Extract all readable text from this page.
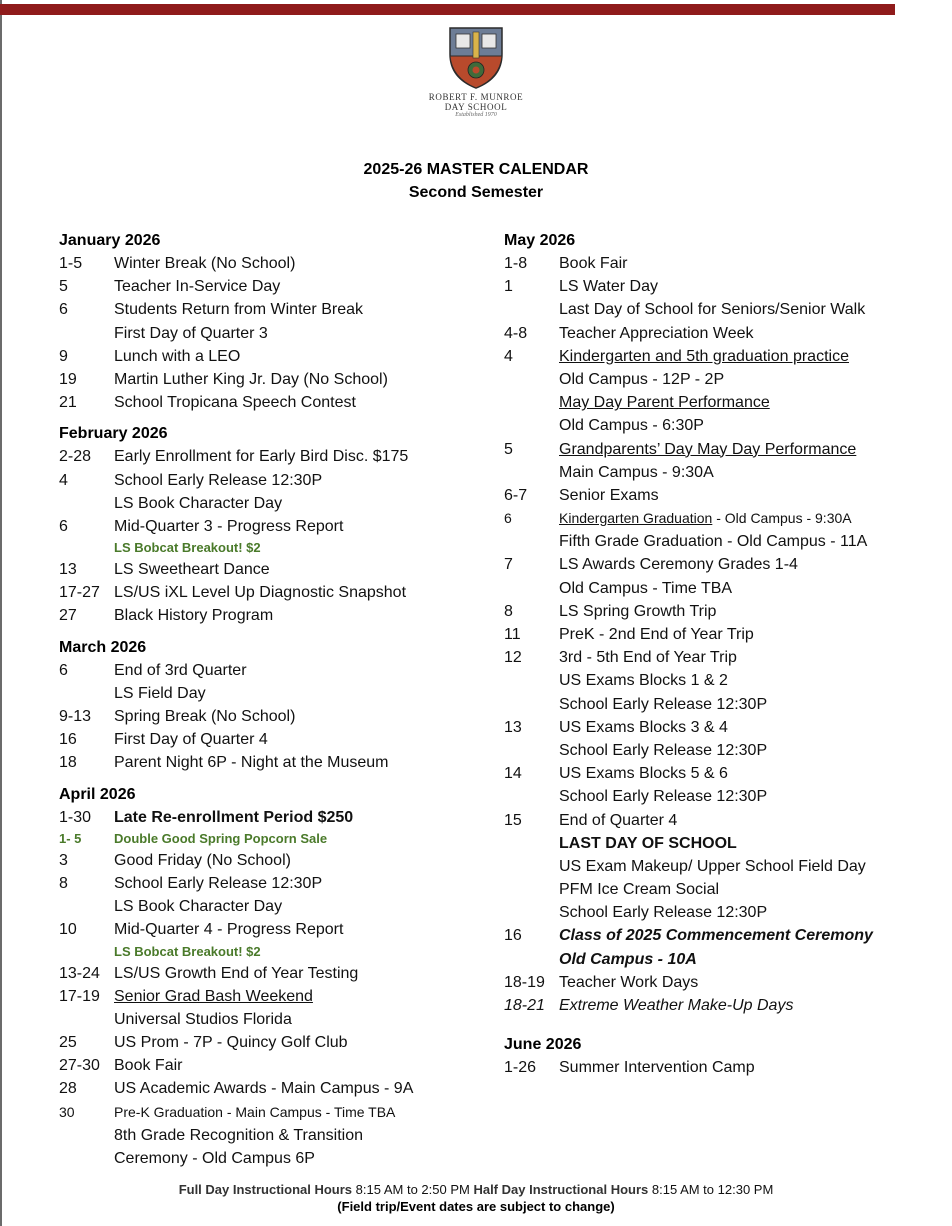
ROBERT F. MUNROE
DAY SCHOOL
Established 1970
2025-26 MASTER CALENDAR
Second Semester
January 2026
1-5	Winter Break (No School)
5	Teacher In-Service Day
6	Students Return from Winter Break
First Day of Quarter 3
9	Lunch with a LEO
19	Martin Luther King Jr. Day (No School)
21	School Tropicana Speech Contest
February 2026
2-28	Early Enrollment for Early Bird Disc. $175
4	School Early Release 12:30P
LS Book Character Day
6	Mid-Quarter 3 - Progress Report
LS Bobcat Breakout! $2
13	LS Sweetheart Dance
17-27 LS/US iXL Level Up Diagnostic Snapshot
27	Black History Program
March 2026
6	End of 3rd Quarter
LS Field Day
9-13	Spring Break (No School)
16	First Day of Quarter 4
18	Parent Night 6P - Night at the Museum
April 2026
1-30	Late Re-enrollment Period $250
1- 5	Double Good Spring Popcorn Sale
3	Good Friday (No School)
8	School Early Release 12:30P
LS Book Character Day
10	Mid-Quarter 4 - Progress Report
LS Bobcat Breakout! $2
13-24 LS/US Growth End of Year Testing
17-19 Senior Grad Bash Weekend
Universal Studios Florida
25	US Prom - 7P - Quincy Golf Club
27-30 Book Fair
28	US Academic Awards - Main Campus - 9A
30	Pre-K Graduation - Main Campus - Time TBA
8th Grade Recognition & Transition
Ceremony - Old Campus 6P
May 2026
1-8	Book Fair
1	LS Water Day
Last Day of School for Seniors/Senior Walk
4-8	Teacher Appreciation Week
4	Kindergarten and 5th graduation practice
Old Campus - 12P - 2P
May Day Parent Performance
Old Campus - 6:30P
5	Grandparents’ Day May Day Performance
Main Campus - 9:30A
6-7	Senior Exams
6	Kindergarten Graduation - Old Campus - 9:30A
Fifth Grade Graduation - Old Campus - 11A
7	LS Awards Ceremony Grades 1-4
Old Campus - Time TBA
8	LS Spring Growth Trip
11	PreK - 2nd End of Year Trip
12	3rd - 5th End of Year Trip
US Exams Blocks 1 & 2
School Early Release 12:30P
13	US Exams Blocks 3 & 4
School Early Release 12:30P
14	US Exams Blocks 5 & 6
School Early Release 12:30P
15	End of Quarter 4
LAST DAY OF SCHOOL
US Exam Makeup/ Upper School Field Day
PFM Ice Cream Social
School Early Release 12:30P
16	Class of 2025 Commencement Ceremony
Old Campus - 10A
18-19 Teacher Work Days
18-21 Extreme Weather Make-Up Days
June 2026
1-26	Summer Intervention Camp
Full Day Instructional Hours 8:15 AM to 2:50 PM Half Day Instructional Hours 8:15 AM to 12:30 PM
(Field trip/Event dates are subject to change)
